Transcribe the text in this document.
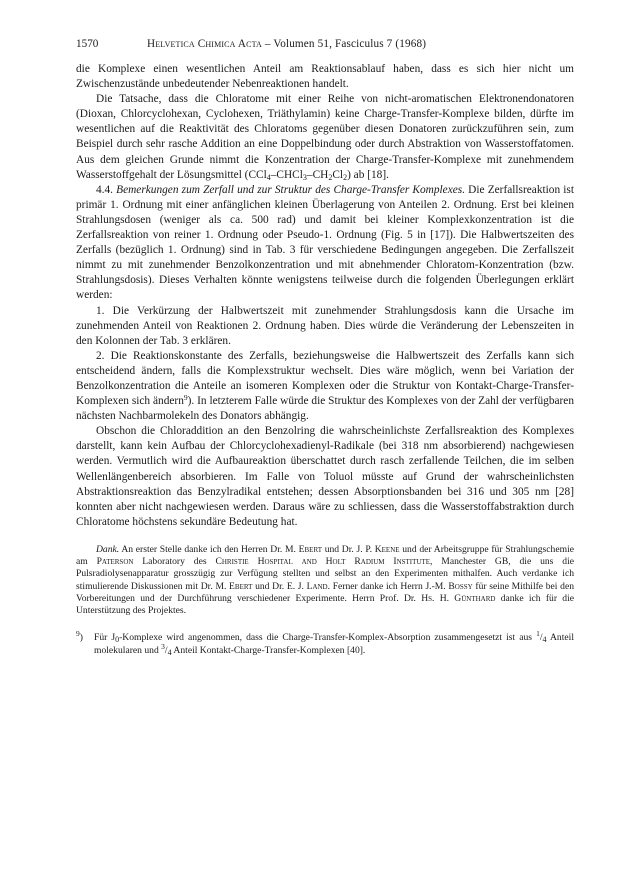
1570	Helvetica Chimica Acta – Volumen 51, Fasciculus 7 (1968)

die Komplexe einen wesentlichen Anteil am Reaktionsablauf haben, dass es sich hier nicht um Zwischenzustände unbedeutender Nebenreaktionen handelt.

Die Tatsache, dass die Chloratome mit einer Reihe von nicht-aromatischen Elektronendonatoren (Dioxan, Chlorcyclohexan, Cyclohexen, Triäthylamin) keine Charge-Transfer-Komplexe bilden, dürfte im wesentlichen auf die Reaktivität des Chloratoms gegenüber diesen Donatoren zurückzuführen sein, zum Beispiel durch sehr rasche Addition an eine Doppelbindung oder durch Abstraktion von Wasserstoffatomen. Aus dem gleichen Grunde nimmt die Konzentration der Charge-Transfer-Komplexe mit zunehmendem Wasserstoffgehalt der Lösungsmittel $(CCl_4-CHCl_3-CH_2Cl_2)$ ab [18].

4.4. Bemerkungen zum Zerfall und zur Struktur des Charge-Transfer Komplexes. Die Zerfallsreaktion ist primär 1. Ordnung mit einer anfänglichen kleinen Überlagerung von Anteilen 2. Ordnung. Erst bei kleinen Strahlungsdosen (weniger als ca. 500 rad) und damit bei kleiner Komplexkonzentration ist die Zerfallsreaktion von reiner 1. Ordnung oder Pseudo-1. Ordnung (Fig. 5 in [17]). Die Halbwertszeiten des Zerfalls (bezüglich 1. Ordnung) sind in Tab. 3 für verschiedene Bedingungen angegeben. Die Zerfallszeit nimmt zu mit zunehmender Benzolkonzentration und mit abnehmender Chloratom-Konzentration (bzw. Strahlungsdosis). Dieses Verhalten könnte wenigstens teilweise durch die folgenden Überlegungen erklärt werden:

1. Die Verkürzung der Halbwertszeit mit zunehmender Strahlungsdosis kann die Ursache im zunehmenden Anteil von Reaktionen 2. Ordnung haben. Dies würde die Veränderung der Lebenszeiten in den Kolonnen der Tab. 3 erklären.

2. Die Reaktionskonstante des Zerfalls, beziehungsweise die Halbwertszeit des Zerfalls kann sich entscheidend ändern, falls die Komplexstruktur wechselt. Dies wäre möglich, wenn bei Variation der Benzolkonzentration die Anteile an isomeren Komplexen oder die Struktur von Kontakt-Charge-Transfer-Komplexen sich ändern$^9$). In letzterem Falle würde die Struktur des Komplexes von der Zahl der verfügbaren nächsten Nachbarmolekeln des Donators abhängig.

Obschon die Chloraddition an den Benzolring die wahrscheinlichste Zerfallsreaktion des Komplexes darstellt, kann kein Aufbau der Chlorcyclohexadienyl-Radikale (bei 318 nm absorbierend) nachgewiesen werden. Vermutlich wird die Aufbaureaktion überschattet durch rasch zerfallende Teilchen, die im selben Wellenlängenbereich absorbieren. Im Falle von Toluol müsste auf Grund der wahrscheinlichsten Abstraktionsreaktion das Benzylradikal entstehen; dessen Absorptionsbanden bei 316 und 305 nm [28] konnten aber nicht nachgewiesen werden. Daraus wäre zu schliessen, dass die Wasserstoffabstraktion durch Chloratome höchstens sekundäre Bedeutung hat.

Dank. An erster Stelle danke ich den Herren Dr. M. Ebert und Dr. J. P. Keene und der Arbeitsgruppe für Strahlungschemie am Paterson Laboratory des Christie Hospital and Holt Radium Institute, Manchester GB, die uns die Pulsradiolysenapparatur grosszügig zur Verfügung stellten und selbst an den Experimenten mithalfen. Auch verdanke ich stimulierende Diskussionen mit Dr. M. Ebert und Dr. E. J. Land. Ferner danke ich Herrn J.-M. Bossy für seine Mithilfe bei den Vorbereitungen und der Durchführung verschiedener Experimente. Herrn Prof. Dr. Hs. H. Günthard danke ich für die Unterstützung des Projektes.
$^9$) Für $J_0$-Komplexe wird angenommen, dass die Charge-Transfer-Komplex-Absorption zusammengesetzt ist aus $^1/_4$ Anteil molekularen und $^3/_4$ Anteil Kontakt-Charge-Transfer-Komplexen [40].
